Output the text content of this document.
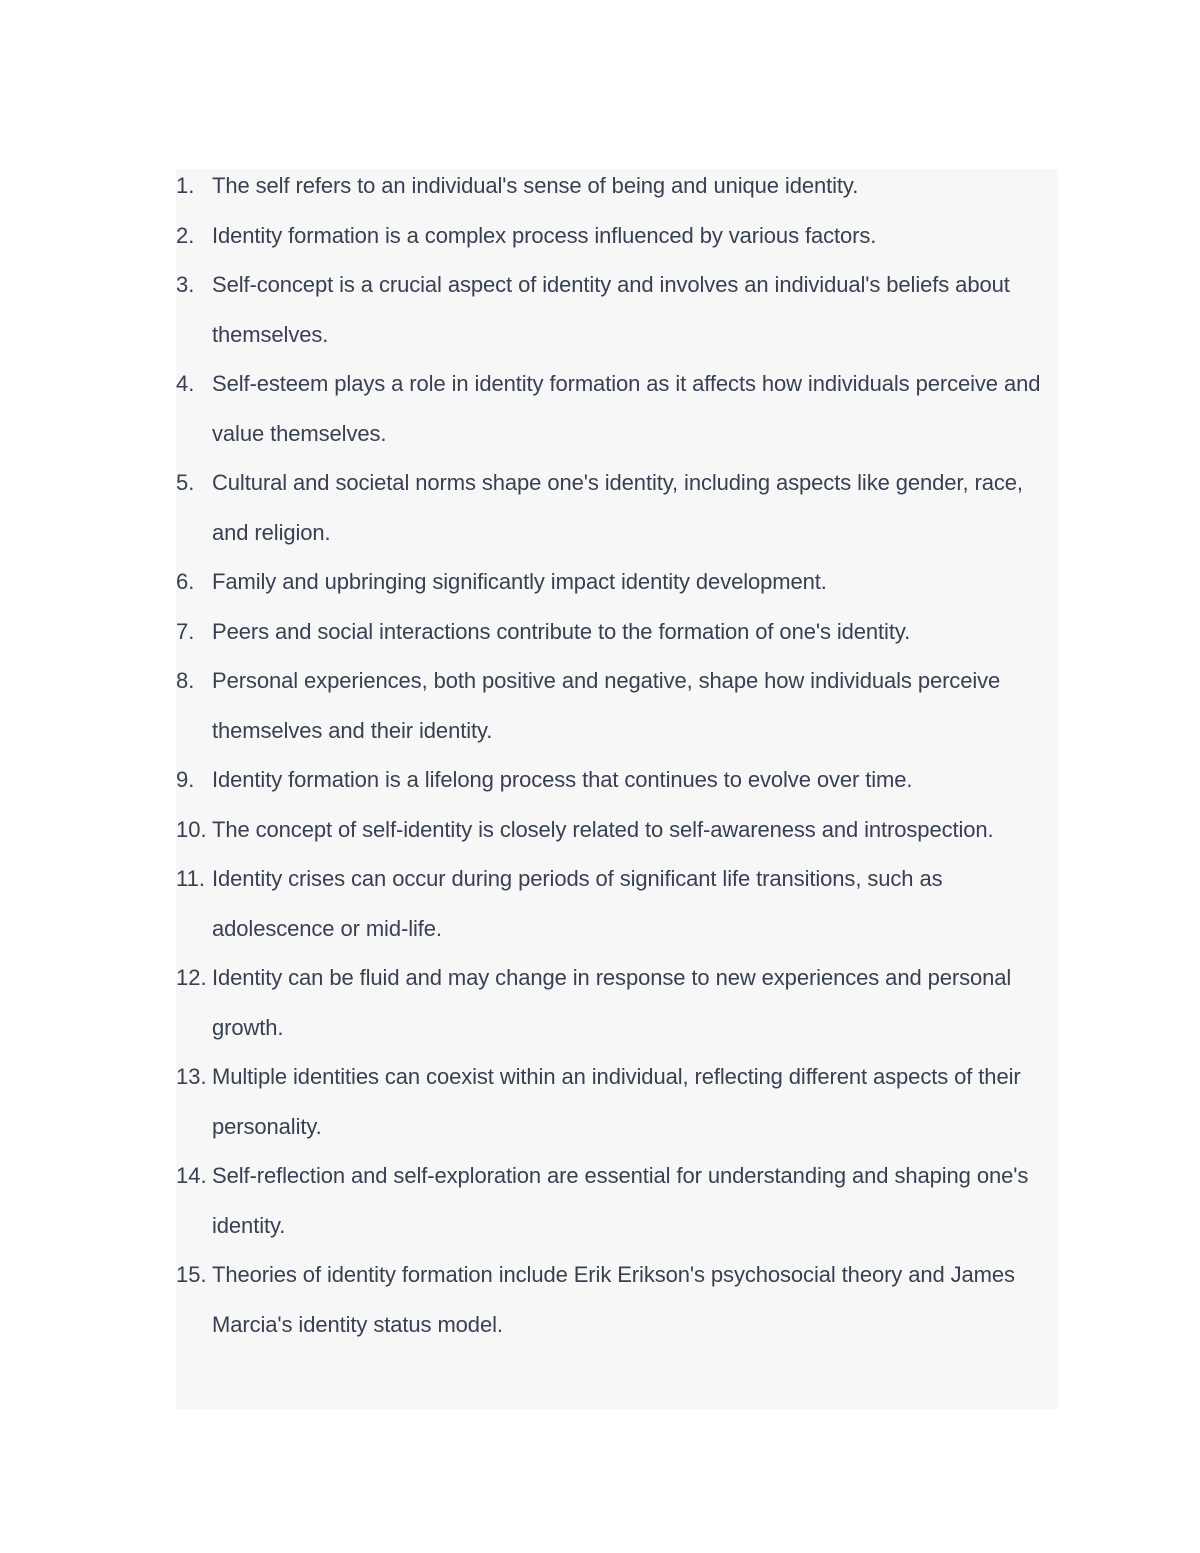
1. The self refers to an individual's sense of being and unique identity.
2. Identity formation is a complex process influenced by various factors.
3. Self-concept is a crucial aspect of identity and involves an individual's beliefs about themselves.
4. Self-esteem plays a role in identity formation as it affects how individuals perceive and value themselves.
5. Cultural and societal norms shape one's identity, including aspects like gender, race, and religion.
6. Family and upbringing significantly impact identity development.
7. Peers and social interactions contribute to the formation of one's identity.
8. Personal experiences, both positive and negative, shape how individuals perceive themselves and their identity.
9. Identity formation is a lifelong process that continues to evolve over time.
10. The concept of self-identity is closely related to self-awareness and introspection.
11. Identity crises can occur during periods of significant life transitions, such as adolescence or mid-life.
12. Identity can be fluid and may change in response to new experiences and personal growth.
13. Multiple identities can coexist within an individual, reflecting different aspects of their personality.
14. Self-reflection and self-exploration are essential for understanding and shaping one's identity.
15. Theories of identity formation include Erik Erikson's psychosocial theory and James Marcia's identity status model.
